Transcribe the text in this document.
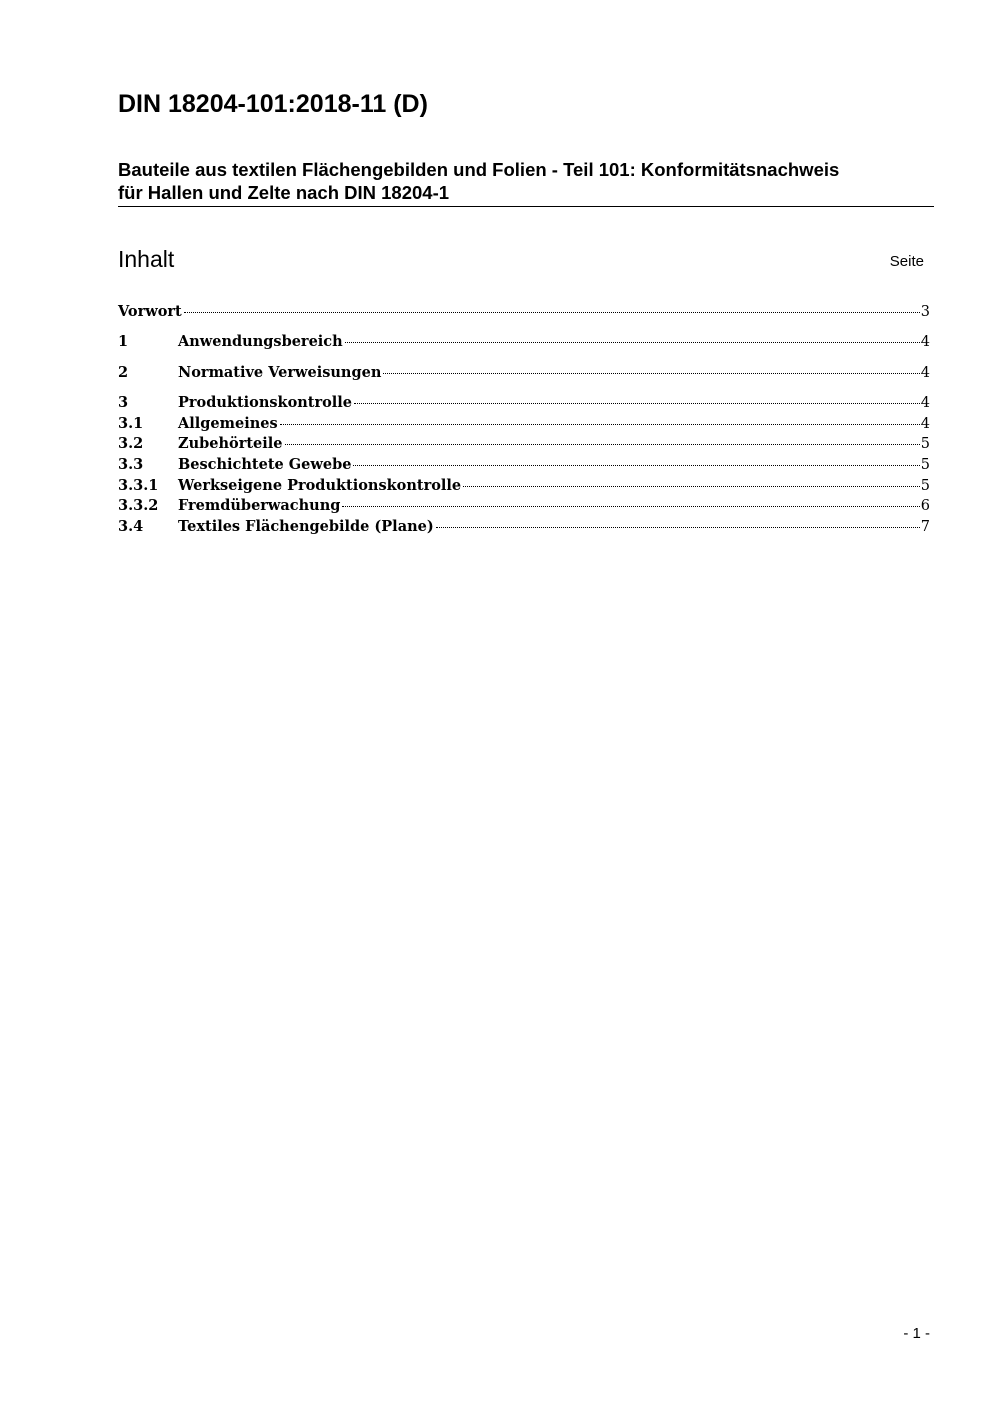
DIN 18204-101:2018-11 (D)
Bauteile aus textilen Flächengebilden und Folien - Teil 101: Konformitätsnachweis
für Hallen und Zelte nach DIN 18204-1
Inhalt	Seite
Vorwort	3
1	Anwendungsbereich	4
2	Normative Verweisungen	4
3	Produktionskontrolle	4
3.1	Allgemeines	4
3.2	Zubehörteile	5
3.3	Beschichtete Gewebe	5
3.3.1	Werkseigene Produktionskontrolle	5
3.3.2	Fremdüberwachung	6
3.4	Textiles Flächengebilde (Plane)	7
- 1 -
